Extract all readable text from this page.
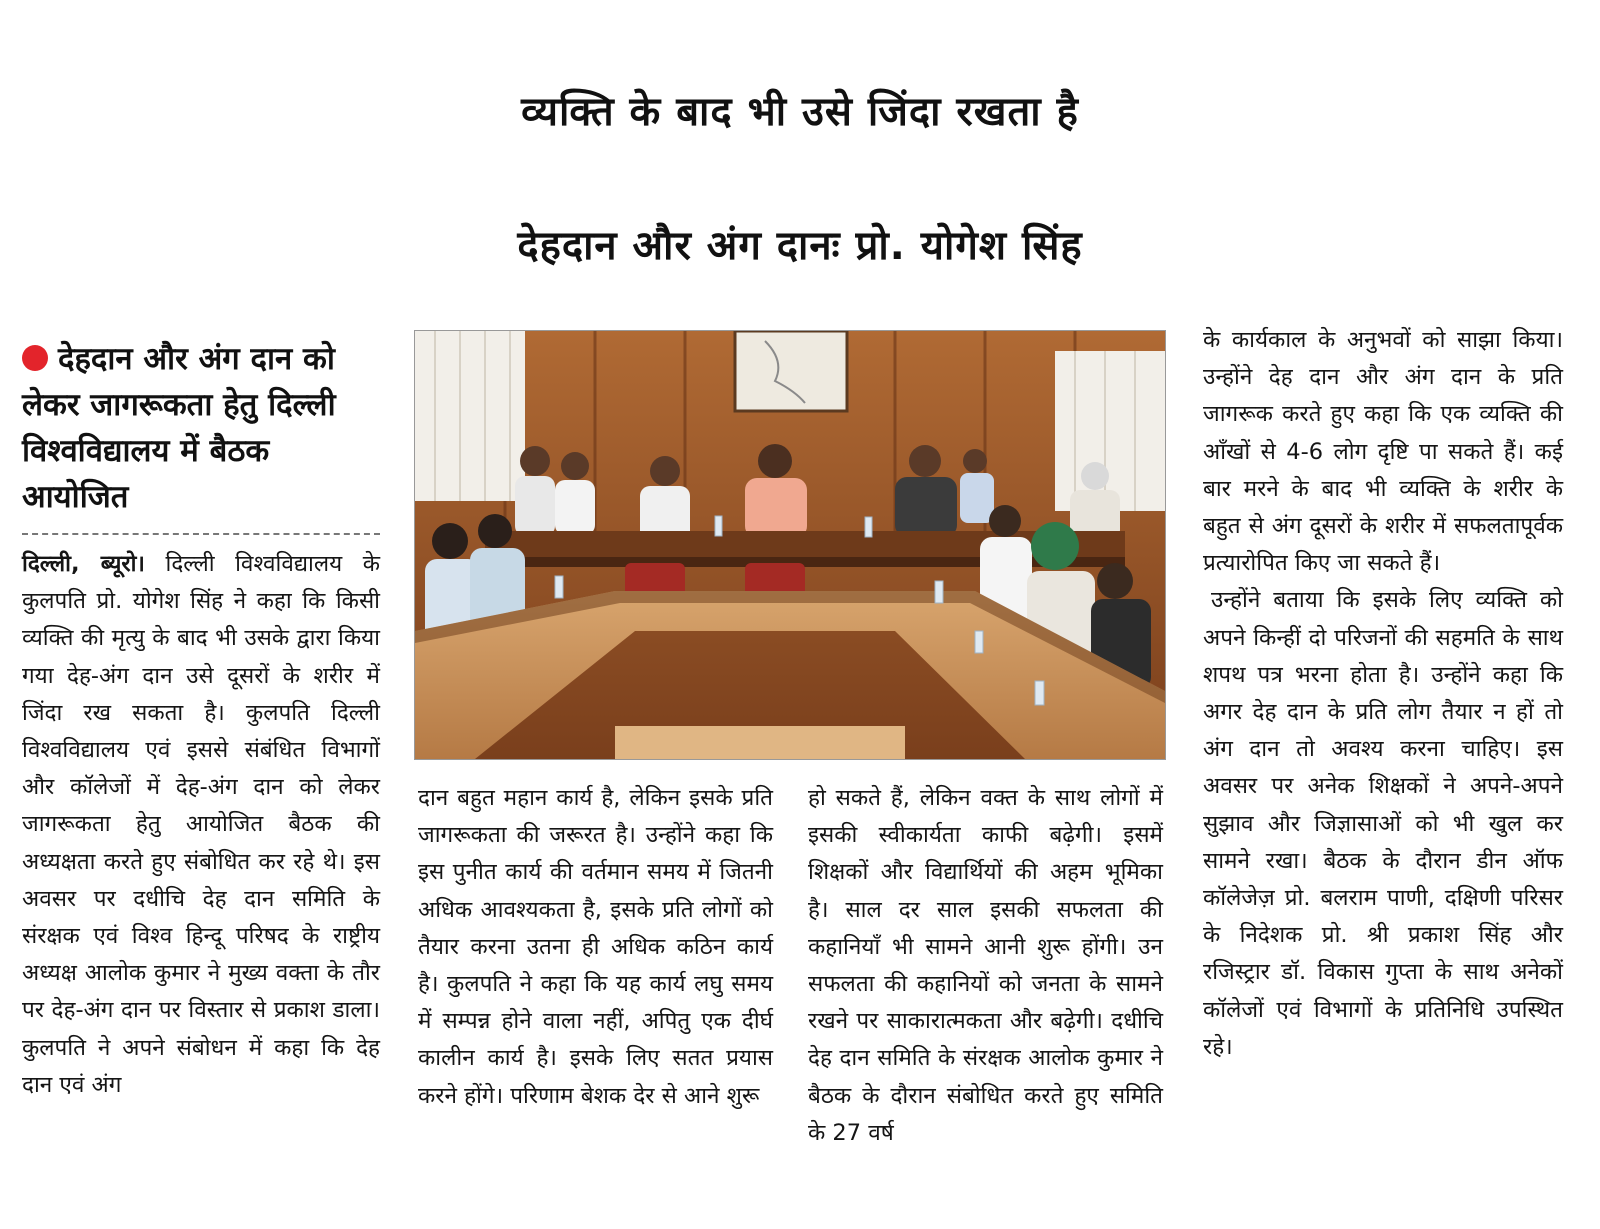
व्यक्ति के बाद भी उसे जिंदा रखता है
देहदान और अंग दानः प्रो. योगेश सिंह
देहदान और अंग दान को लेकर जागरूकता हेतु दिल्ली विश्वविद्यालय में बैठक आयोजित

दिल्ली, ब्यूरो। दिल्ली विश्वविद्यालय के कुलपति प्रो. योगेश सिंह ने कहा कि किसी व्यक्ति की मृत्यु के बाद भी उसके द्वारा किया गया देह-अंग दान उसे दूसरों के शरीर में जिंदा रख सकता है। कुलपति दिल्ली विश्वविद्यालय एवं इससे संबंधित विभागों और कॉलेजों में देह-अंग दान को लेकर जागरूकता हेतु आयोजित बैठक की अध्यक्षता करते हुए संबोधित कर रहे थे। इस अवसर पर दधीचि देह दान समिति के संरक्षक एवं विश्व हिन्दू परिषद के राष्ट्रीय अध्यक्ष आलोक कुमार ने मुख्य वक्ता के तौर पर देह-अंग दान पर विस्तार से प्रकाश डाला। कुलपति ने अपने संबोधन में कहा कि देह दान एवं अंग

दान बहुत महान कार्य है, लेकिन इसके प्रति जागरूकता की जरूरत है। उन्होंने कहा कि इस पुनीत कार्य की वर्तमान समय में जितनी अधिक आवश्यकता है, इसके प्रति लोगों को तैयार करना उतना ही अधिक कठिन कार्य है। कुलपति ने कहा कि यह कार्य लघु समय में सम्पन्न होने वाला नहीं, अपितु एक दीर्घ कालीन कार्य है। इसके लिए सतत प्रयास करने होंगे। परिणाम बेशक देर से आने शुरू

हो सकते हैं, लेकिन वक्त के साथ लोगों में इसकी स्वीकार्यता काफी बढ़ेगी। इसमें शिक्षकों और विद्यार्थियों की अहम भूमिका है। साल दर साल इसकी सफलता की कहानियाँ भी सामने आनी शुरू होंगी। उन सफलता की कहानियों को जनता के सामने रखने पर साकारात्मकता और बढ़ेगी। दधीचि देह दान समिति के संरक्षक आलोक कुमार ने बैठक के दौरान संबोधित करते हुए समिति के 27 वर्ष

के कार्यकाल के अनुभवों को साझा किया। उन्होंने देह दान और अंग दान के प्रति जागरूक करते हुए कहा कि एक व्यक्ति की आँखों से 4-6 लोग दृष्टि पा सकते हैं। कई बार मरने के बाद भी व्यक्ति के शरीर के बहुत से अंग दूसरों के शरीर में सफलतापूर्वक प्रत्यारोपित किए जा सकते हैं।

उन्होंने बताया कि इसके लिए व्यक्ति को अपने किन्हीं दो परिजनों की सहमति के साथ शपथ पत्र भरना होता है। उन्होंने कहा कि अगर देह दान के प्रति लोग तैयार न हों तो अंग दान तो अवश्य करना चाहिए। इस अवसर पर अनेक शिक्षकों ने अपने-अपने सुझाव और जिज्ञासाओं को भी खुल कर सामने रखा। बैठक के दौरान डीन ऑफ कॉलेजेज़ प्रो. बलराम पाणी, दक्षिणी परिसर के निदेशक प्रो. श्री प्रकाश सिंह और रजिस्ट्रार डॉ. विकास गुप्ता के साथ अनेकों कॉलेजों एवं विभागों के प्रतिनिधि उपस्थित रहे।
